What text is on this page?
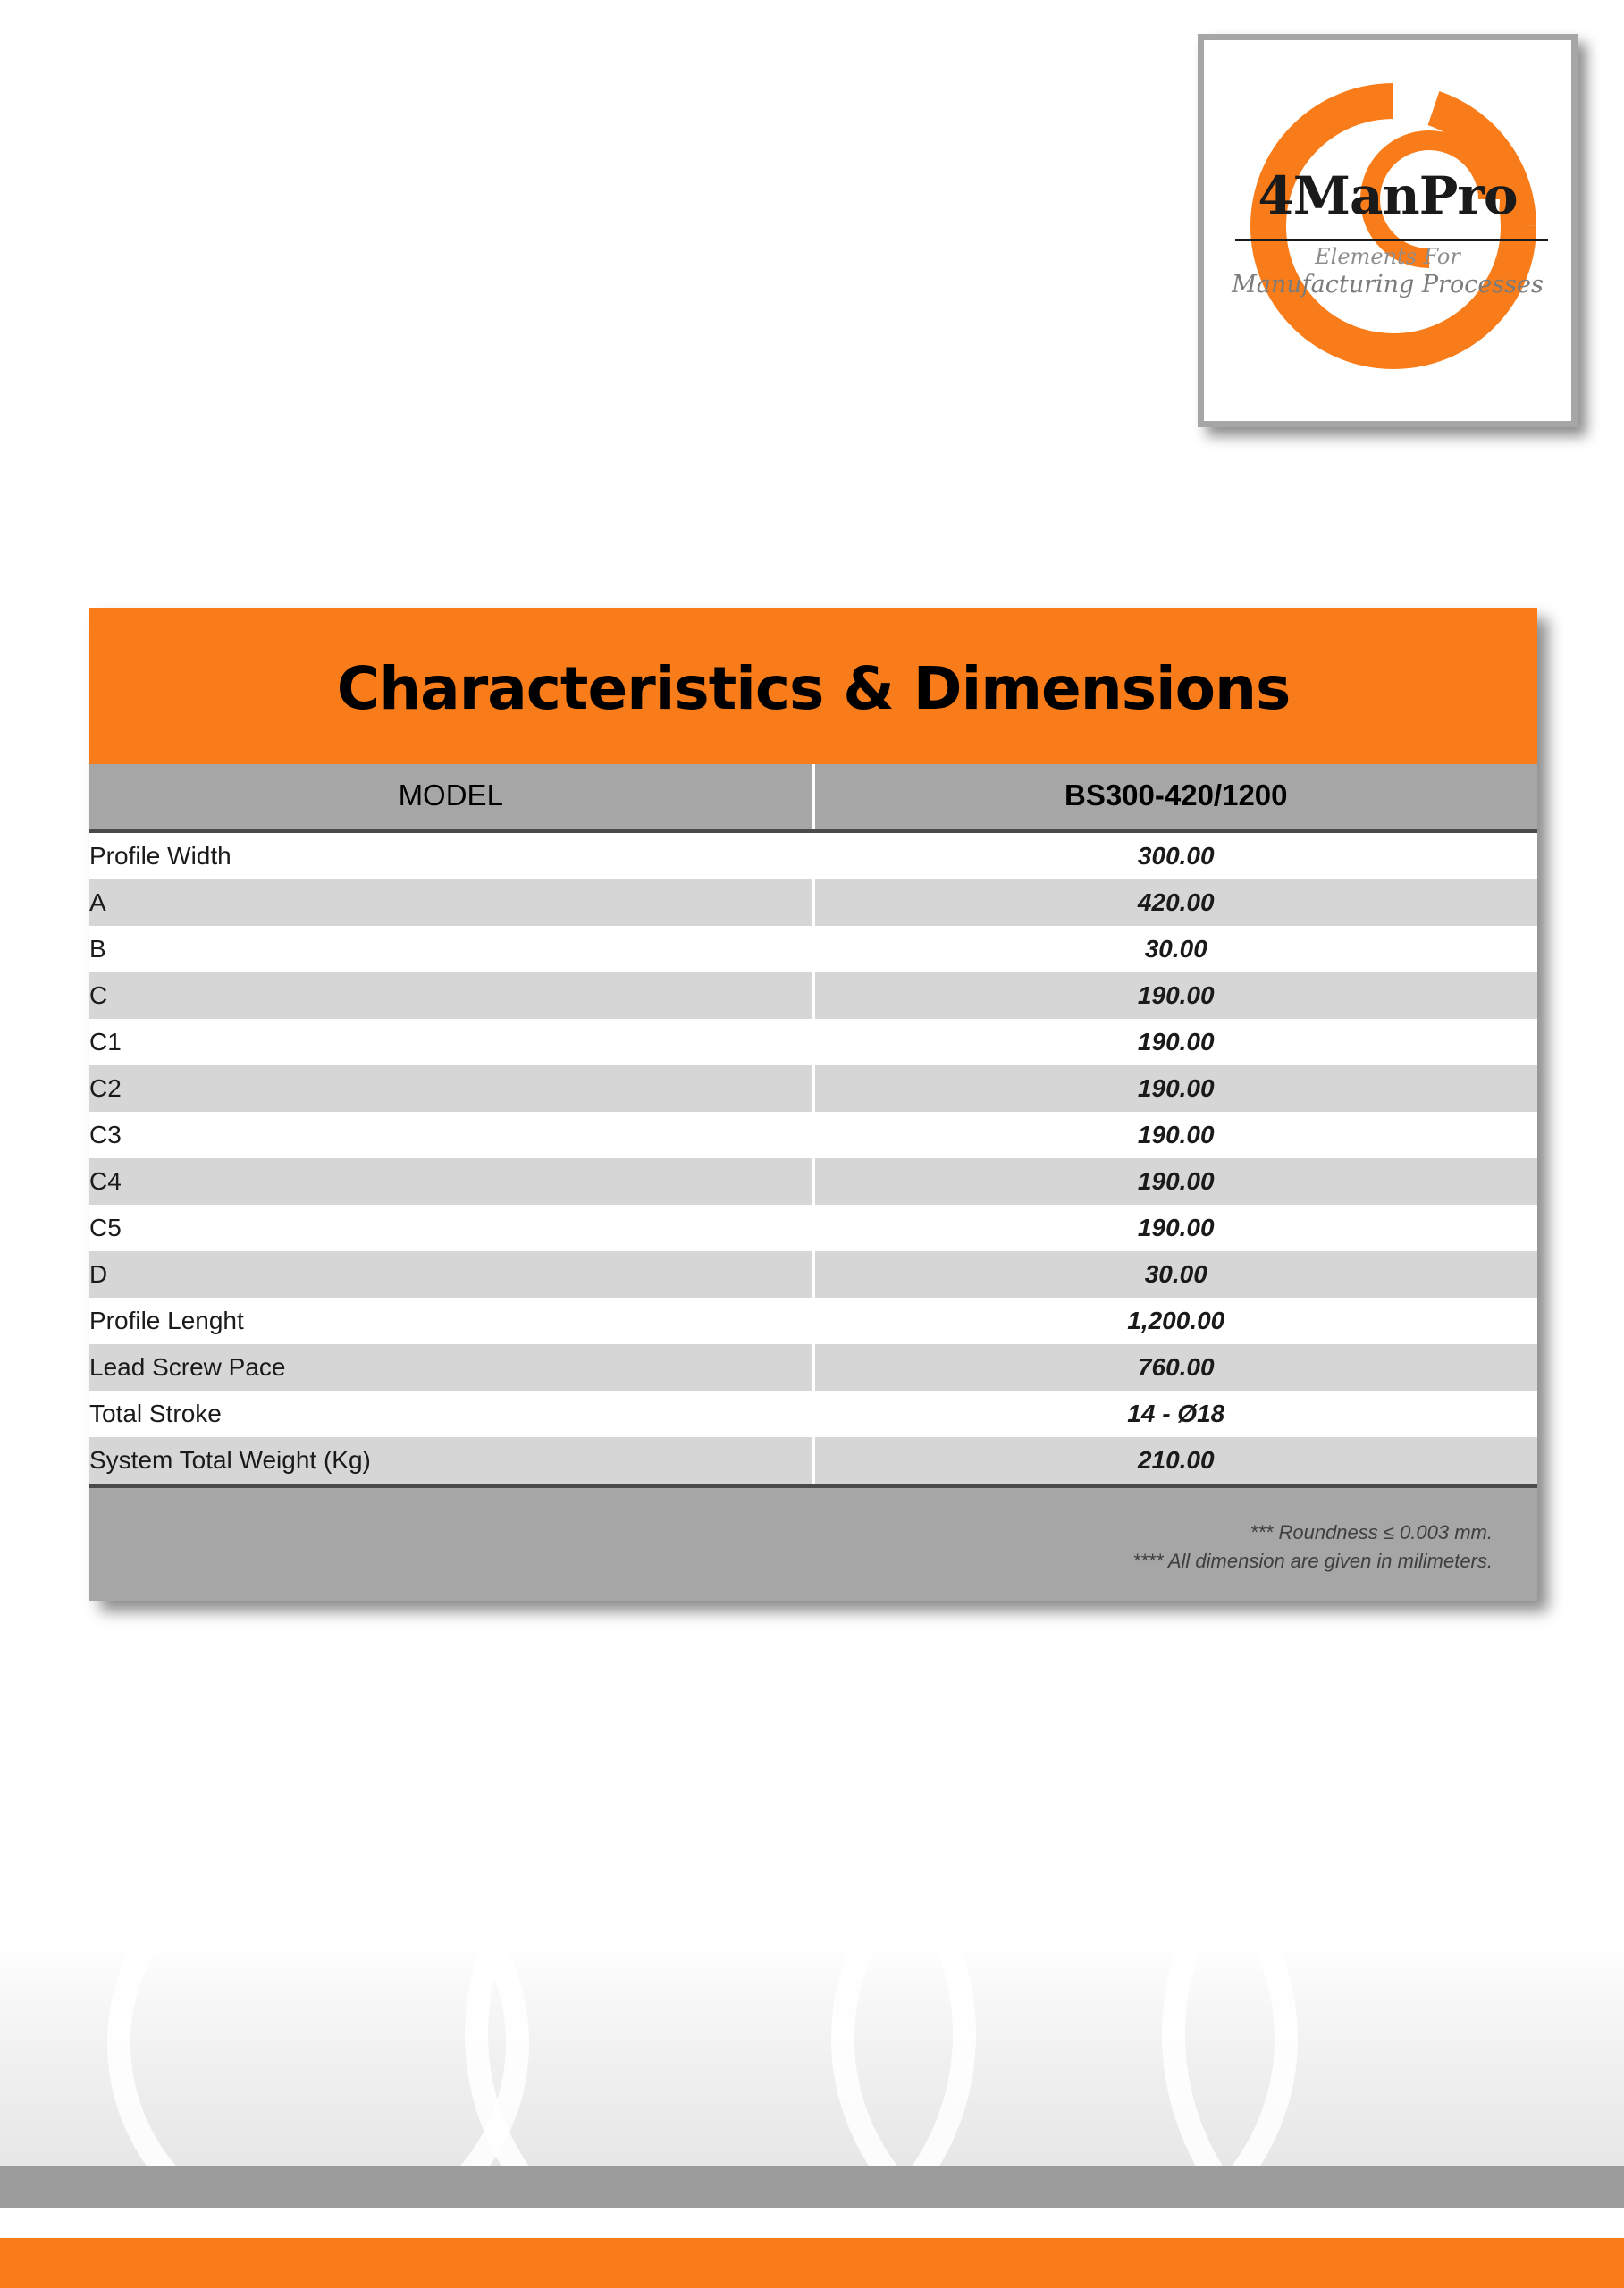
4ManPro
Elements For
Manufacturing Processes
Characteristics & Dimensions
MODEL	BS300-420/1200
Profile Width	300.00
A	420.00
B	30.00
C	190.00
C1	190.00
C2	190.00
C3	190.00
C4	190.00
C5	190.00
D	30.00
Profile Lenght	1,200.00
Lead Screw Pace	760.00
Total Stroke	14 - Ø18
System Total Weight (Kg)	210.00
*** Roundness ≤ 0.003 mm.
**** All dimension are given in milimeters.
